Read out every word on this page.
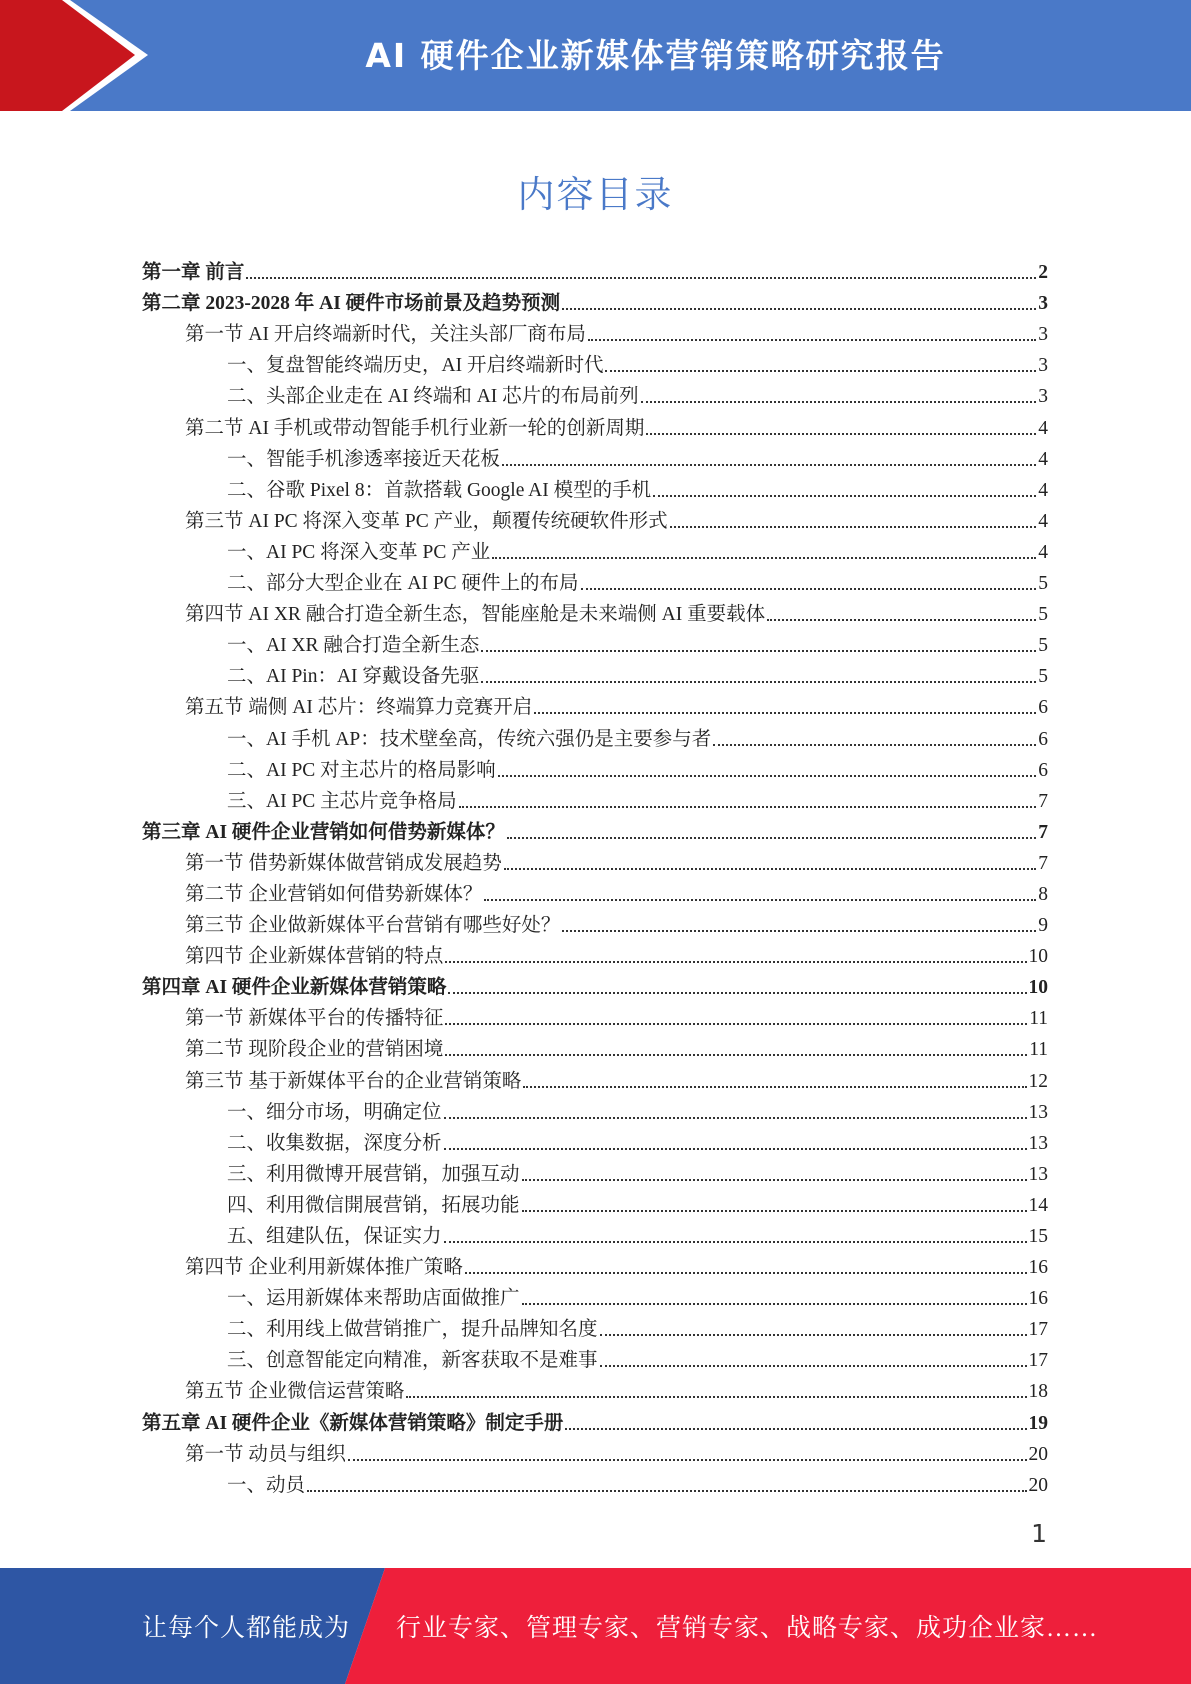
AI 硬件企业新媒体营销策略研究报告
内容目录
第一章 前言	2
第二章 2023-2028 年 AI 硬件市场前景及趋势预测	3
第一节 AI 开启终端新时代，关注头部厂商布局	3
一、复盘智能终端历史，AI 开启终端新时代	3
二、头部企业走在 AI 终端和 AI 芯片的布局前列	3
第二节 AI 手机或带动智能手机行业新一轮的创新周期	4
一、智能手机渗透率接近天花板	4
二、谷歌 Pixel 8：首款搭载 Google AI 模型的手机	4
第三节 AI PC 将深入变革 PC 产业，颠覆传统硬软件形式	4
一、AI PC 将深入变革 PC 产业	4
二、部分大型企业在 AI PC 硬件上的布局	5
第四节 AI XR 融合打造全新生态，智能座舱是未来端侧 AI 重要载体	5
一、AI XR 融合打造全新生态	5
二、AI Pin：AI 穿戴设备先驱	5
第五节 端侧 AI 芯片：终端算力竞赛开启	6
一、AI 手机 AP：技术壁垒高，传统六强仍是主要参与者	6
二、AI PC 对主芯片的格局影响	6
三、AI PC 主芯片竞争格局	7
第三章 AI 硬件企业营销如何借势新媒体？	7
第一节 借势新媒体做营销成发展趋势	7
第二节 企业营销如何借势新媒体？	8
第三节 企业做新媒体平台营销有哪些好处？	9
第四节 企业新媒体营销的特点	10
第四章 AI 硬件企业新媒体营销策略	10
第一节 新媒体平台的传播特征	11
第二节 现阶段企业的营销困境	11
第三节 基于新媒体平台的企业营销策略	12
一、细分市场，明确定位	13
二、收集数据，深度分析	13
三、利用微博开展营销，加强互动	13
四、利用微信開展营销，拓展功能	14
五、组建队伍，保证实力	15
第四节 企业利用新媒体推广策略	16
一、运用新媒体来帮助店面做推广	16
二、利用线上做营销推广，提升品牌知名度	17
三、创意智能定向精准，新客获取不是难事	17
第五节 企业微信运营策略	18
第五章 AI 硬件企业《新媒体营销策略》制定手册	19
第一节 动员与组织	20
一、动员	20
1
让每个人都能成为 行业专家、管理专家、营销专家、战略专家、成功企业家……
